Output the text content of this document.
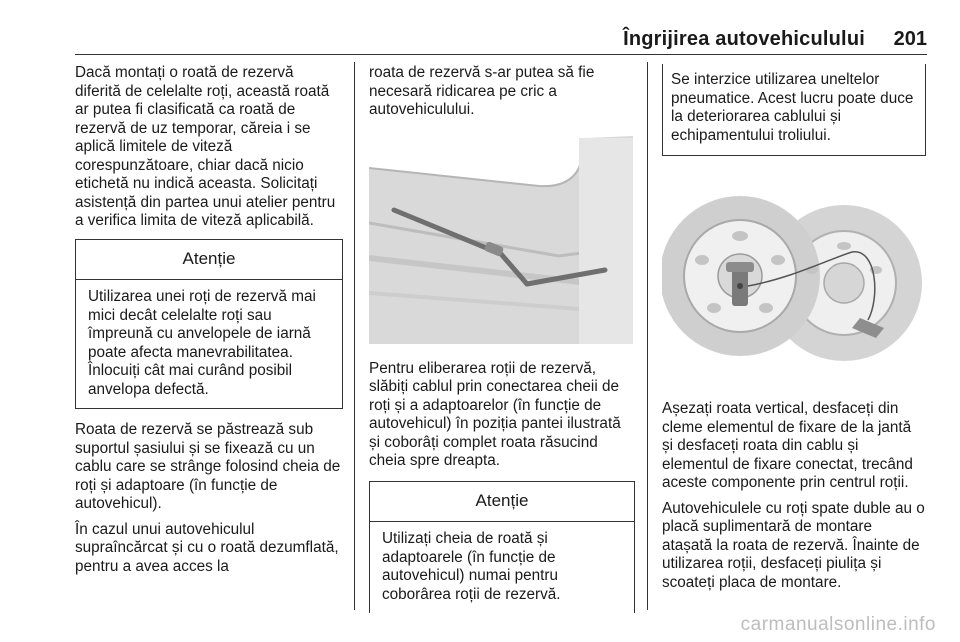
Îngrijirea autovehiculului 201

Dacă montați o roată de rezervă diferită de celelalte roți, această roată ar putea fi clasificată ca roată de rezervă de uz temporar, căreia i se aplică limitele de viteză corespunzătoare, chiar dacă nicio etichetă nu indică aceasta. Solicitați asistență din partea unui atelier pentru a verifica limita de viteză aplicabilă.

Atenție
Utilizarea unei roți de rezervă mai mici decât celelalte roți sau împreună cu anvelopele de iarnă poate afecta manevrabilitatea. Înlocuiți cât mai curând posibil anvelopa defectă.

Roata de rezervă se păstrează sub suportul șasiului și se fixează cu un cablu care se strânge folosind cheia de roți și adaptoare (în funcție de autovehicul).

În cazul unui autovehiculul supraîncărcat și cu o roată dezumflată, pentru a avea acces la

roata de rezervă s-ar putea să fie necesară ridicarea pe cric a autovehiculului.

Pentru eliberarea roții de rezervă, slăbiți cablul prin conectarea cheii de roți și a adaptoarelor (în funcție de autovehicul) în poziția pantei ilustrată și coborâți complet roata răsucind cheia spre dreapta.

Atenție
Utilizați cheia de roată și adaptoarele (în funcție de autovehicul) numai pentru coborârea roții de rezervă.
Se interzice utilizarea uneltelor pneumatice. Acest lucru poate duce la deteriorarea cablului și echipamentului troliului.

Așezați roata vertical, desfaceți din cleme elementul de fixare de la jantă și desfaceți roata din cablu și elementul de fixare conectat, trecând aceste componente prin centrul roții.

Autovehiculele cu roți spate duble au o placă suplimentară de montare atașată la roata de rezervă. Înainte de utilizarea roții, desfaceți piulița și scoateți placa de montare.

carmanualsonline.info
